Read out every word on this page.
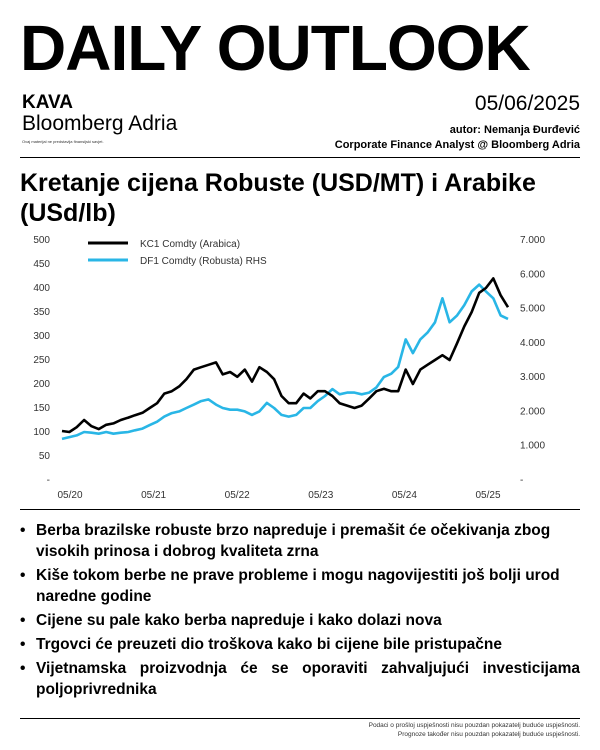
DAILY OUTLOOK
KAVA
Bloomberg Adria
Ovaj materijal ne predstavlja finansijski savjet.
05/06/2025
autor: Nemanja Đurđević
Corporate Finance Analyst @ Bloomberg Adria
Kretanje cijena Robuste (USD/MT) i Arabike (USd/lb)
500
450
400
350
300
250
200
150
100
50
-
7.000
6.000
5.000
4.000
3.000
2.000
1.000
-
05/20	05/21	05/22	05/23	05/24	05/25
KC1 Comdty (Arabica)
DF1 Comdty (Robusta) RHS
• Berba brazilske robuste brzo napreduje i premašit će očekivanja zbog visokih prinosa i dobrog kvaliteta zrna
• Kiše tokom berbe ne prave probleme i mogu nagovijestiti još bolji urod naredne godine
• Cijene su pale kako berba napreduje i kako dolazi nova
• Trgovci će preuzeti dio troškova kako bi cijene bile pristupačne
• Vijetnamska proizvodnja će se oporaviti zahvaljujući investicijama poljoprivrednika
Podaci o prošloj uspješnosti nisu pouzdan pokazatelj buduće uspješnosti.
Prognoze također nisu pouzdan pokazatelj buduće uspješnosti.
